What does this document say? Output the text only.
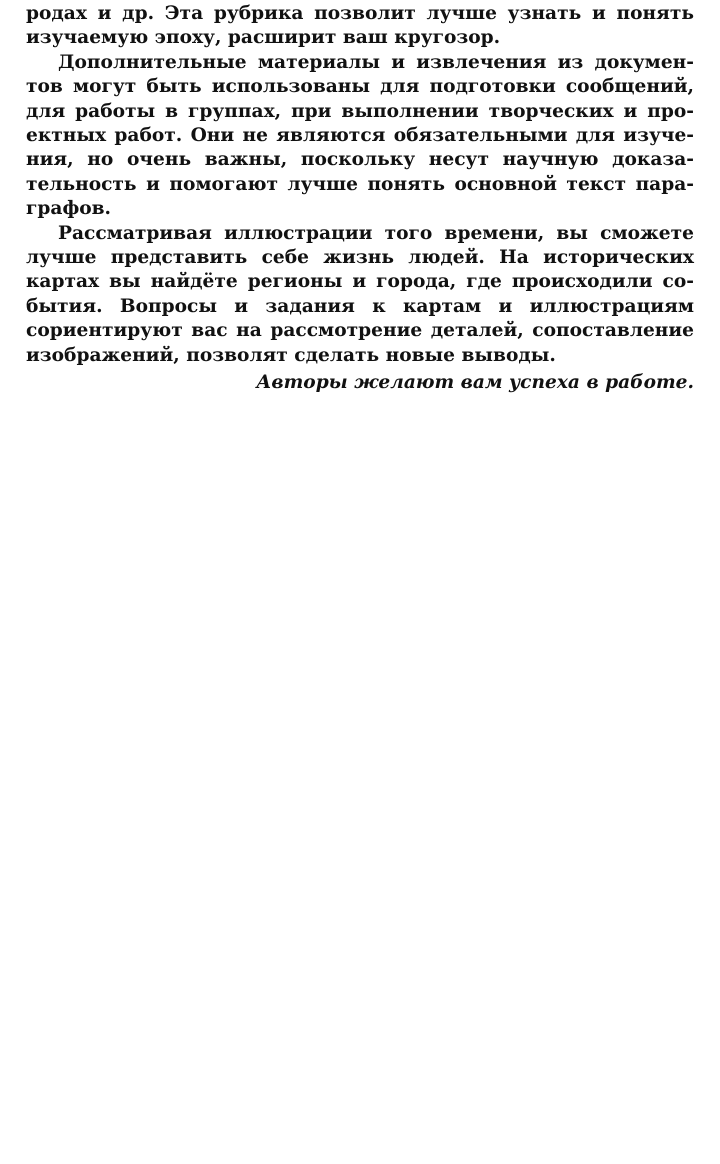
родах и др. Эта рубрика позволит лучше узнать и понять
изучаемую эпоху, расширит ваш кругозор.
Дополнительные материалы и извлечения из докумен-
тов могут быть использованы для подготовки сообщений,
для работы в группах, при выполнении творческих и про-
ектных работ. Они не являются обязательными для изуче-
ния, но очень важны, поскольку несут научную доказа-
тельность и помогают лучше понять основной текст пара-
графов.
Рассматривая иллюстрации того времени, вы сможете
лучше представить себе жизнь людей. На исторических
картах вы найдёте регионы и города, где происходили со-
бытия. Вопросы и задания к картам и иллюстрациям
сориентируют вас на рассмотрение деталей, сопоставление
изображений, позволят сделать новые выводы.
Авторы желают вам успеха в работе.
